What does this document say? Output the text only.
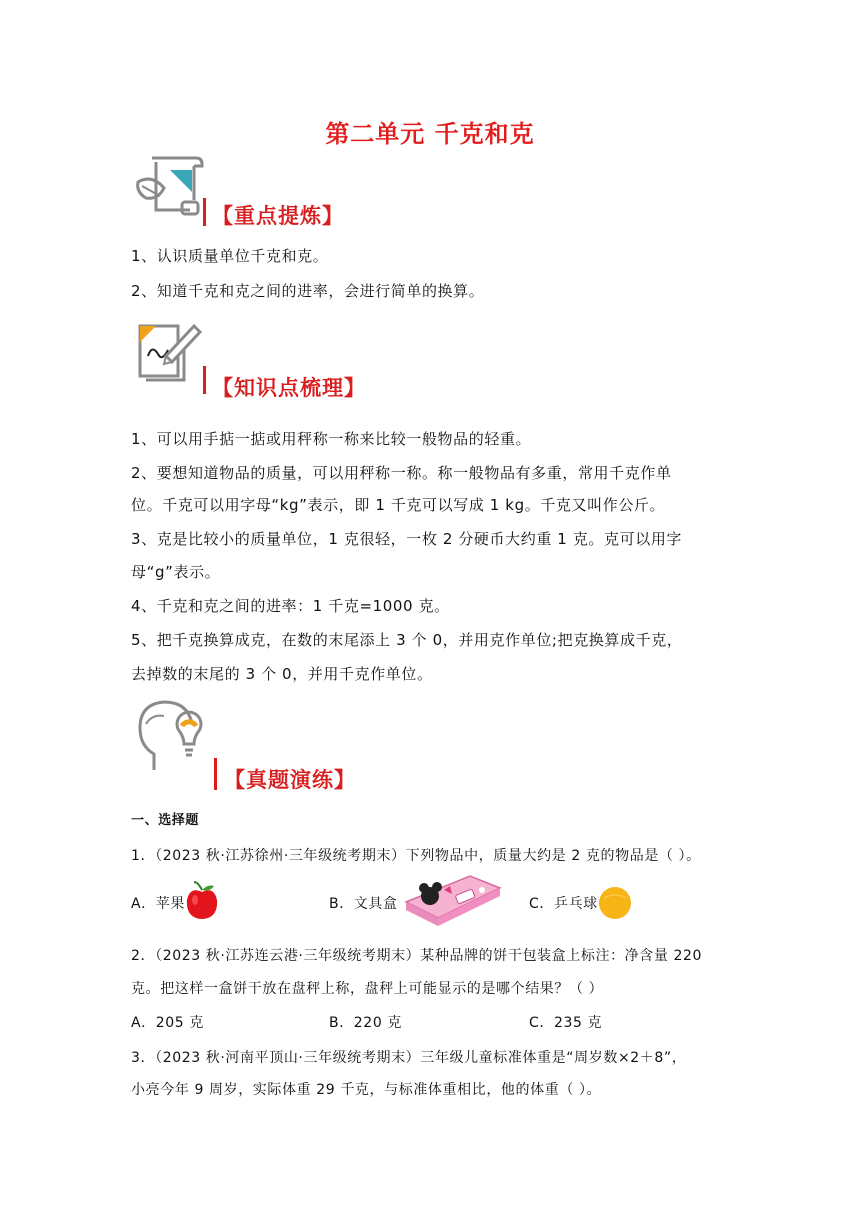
第二单元 千克和克
【重点提炼】
1、认识质量单位千克和克。
2、知道千克和克之间的进率，会进行简单的换算。
【知识点梳理】
1、可以用手掂一掂或用秤称一称来比较一般物品的轻重。
2、要想知道物品的质量，可以用秤称一称。称一般物品有多重，常用千克作单
位。千克可以用字母“kg”表示，即 1 千克可以写成 1 kg。千克又叫作公斤。
3、克是比较小的质量单位，1 克很轻，一枚 2 分硬币大约重 1 克。克可以用字
母“g”表示。
4、千克和克之间的进率：1 千克=1000 克。
5、把千克换算成克，在数的末尾添上 3 个 0，并用克作单位;把克换算成千克，
去掉数的末尾的 3 个 0，并用千克作单位。
【真题演练】
一、选择题
1．（2023 秋·江苏徐州·三年级统考期末）下列物品中，质量大约是 2 克的物品是（ ）。
A．苹果	B．文具盒	C．乒乓球
2．（2023 秋·江苏连云港·三年级统考期末）某种品牌的饼干包装盒上标注：净含量 220
克。把这样一盒饼干放在盘秤上称，盘秤上可能显示的是哪个结果？（ ）
A．205 克	B．220 克	C．235 克
3．（2023 秋·河南平顶山·三年级统考期末）三年级儿童标准体重是“周岁数×2＋8”，
小亮今年 9 周岁，实际体重 29 千克，与标准体重相比，他的体重（ ）。
